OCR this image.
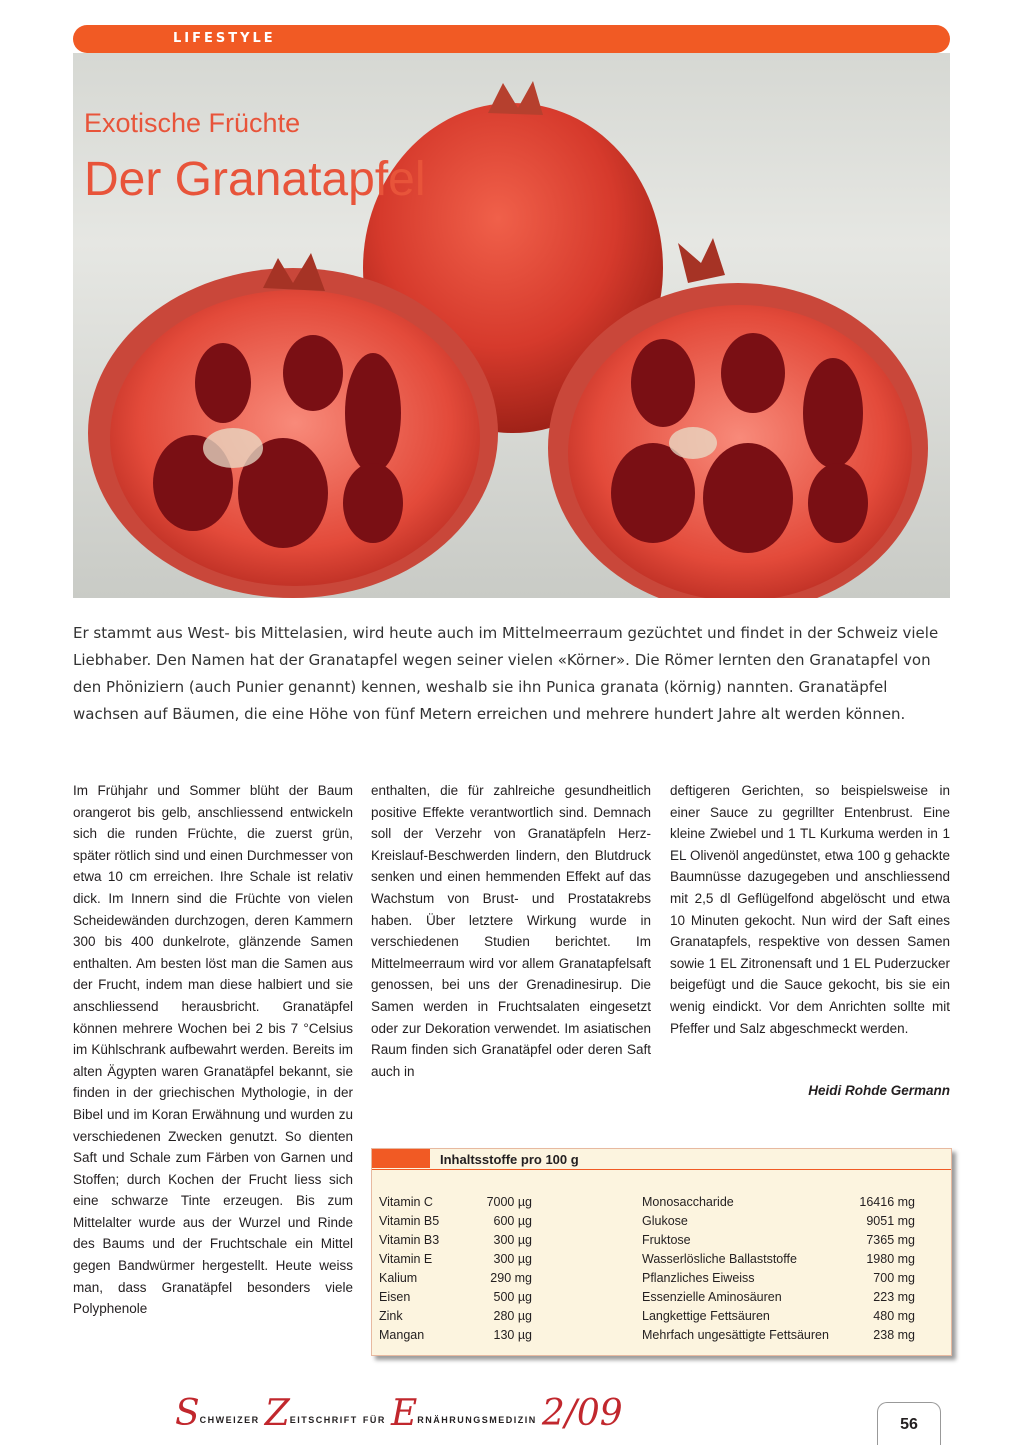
LIFESTYLE
Exotische Früchte
Der Granatapfel
Er stammt aus West- bis Mittelasien, wird heute auch im Mittelmeerraum gezüchtet und findet in der Schweiz viele Liebhaber. Den Namen hat der Granatapfel wegen seiner vielen «Körner». Die Römer lernten den Granatapfel von den Phöniziern (auch Punier genannt) kennen, weshalb sie ihn Punica granata (körnig) nannten. Granatäpfel wachsen auf Bäumen, die eine Höhe von fünf Metern erreichen und mehrere hundert Jahre alt werden können.

Im Frühjahr und Sommer blüht der Baum orangerot bis gelb, anschliessend entwickeln sich die runden Früchte, die zuerst grün, später rötlich sind und einen Durchmesser von etwa 10 cm erreichen. Ihre Schale ist relativ dick. Im Innern sind die Früchte von vielen Scheidewänden durchzogen, deren Kammern 300 bis 400 dunkelrote, glänzende Samen enthalten. Am besten löst man die Samen aus der Frucht, indem man diese halbiert und sie anschliessend herausbricht. Granatäpfel können mehrere Wochen bei 2 bis 7 °Celsius im Kühlschrank aufbewahrt werden. Bereits im alten Ägypten waren Granatäpfel bekannt, sie finden in der griechischen Mythologie, in der Bibel und im Koran Erwähnung und wurden zu verschiedenen Zwecken genutzt. So dienten Saft und Schale zum Färben von Garnen und Stoffen; durch Kochen der Frucht liess sich eine schwarze Tinte erzeugen. Bis zum Mittelalter wurde aus der Wurzel und Rinde des Baums und der Fruchtschale ein Mittel gegen Bandwürmer hergestellt. Heute weiss man, dass Granatäpfel besonders viele Polyphenole

enthalten, die für zahlreiche gesundheitlich positive Effekte verantwortlich sind. Demnach soll der Verzehr von Granatäpfeln Herz-Kreislauf-Beschwerden lindern, den Blutdruck senken und einen hemmenden Effekt auf das Wachstum von Brust- und Prostatakrebs haben. Über letztere Wirkung wurde in verschiedenen Studien berichtet. Im Mittelmeerraum wird vor allem Granatapfelsaft genossen, bei uns der Grenadinesirup. Die Samen werden in Fruchtsalaten eingesetzt oder zur Dekoration verwendet. Im asiatischen Raum finden sich Granatäpfel oder deren Saft auch in

deftigeren Gerichten, so beispielsweise in einer Sauce zu gegrillter Entenbrust. Eine kleine Zwiebel und 1 TL Kurkuma werden in 1 EL Olivenöl angedünstet, etwa 100 g gehackte Baumnüsse dazugegeben und anschliessend mit 2,5 dl Geflügelfond abgelöscht und etwa 10 Minuten gekocht. Nun wird der Saft eines Granatapfels, respektive von dessen Samen sowie 1 EL Zitronensaft und 1 EL Puderzucker beigefügt und die Sauce gekocht, bis sie ein wenig eindickt. Vor dem Anrichten sollte mit Pfeffer und Salz abgeschmeckt werden.

Heidi Rohde Germann
Inhaltsstoffe pro 100 g
Vitamin C	7000 µg
Vitamin B5	600 µg
Vitamin B3	300 µg
Vitamin E	300 µg
Kalium	290 mg
Eisen	500 µg
Zink	280 µg
Mangan	130 µg
Monosaccharide	16416 mg
Glukose	9051 mg
Fruktose	7365 mg
Wasserlösliche Ballaststoffe	1980 mg
Pflanzliches Eiweiss	700 mg
Essenzielle Aminosäuren	223 mg
Langkettige Fettsäuren	480 mg
Mehrfach ungesättigte Fettsäuren	238 mg
SCHWEIZER ZEITSCHRIFT FÜR ERNÄHRUNGSMEDIZIN 2/09	56
